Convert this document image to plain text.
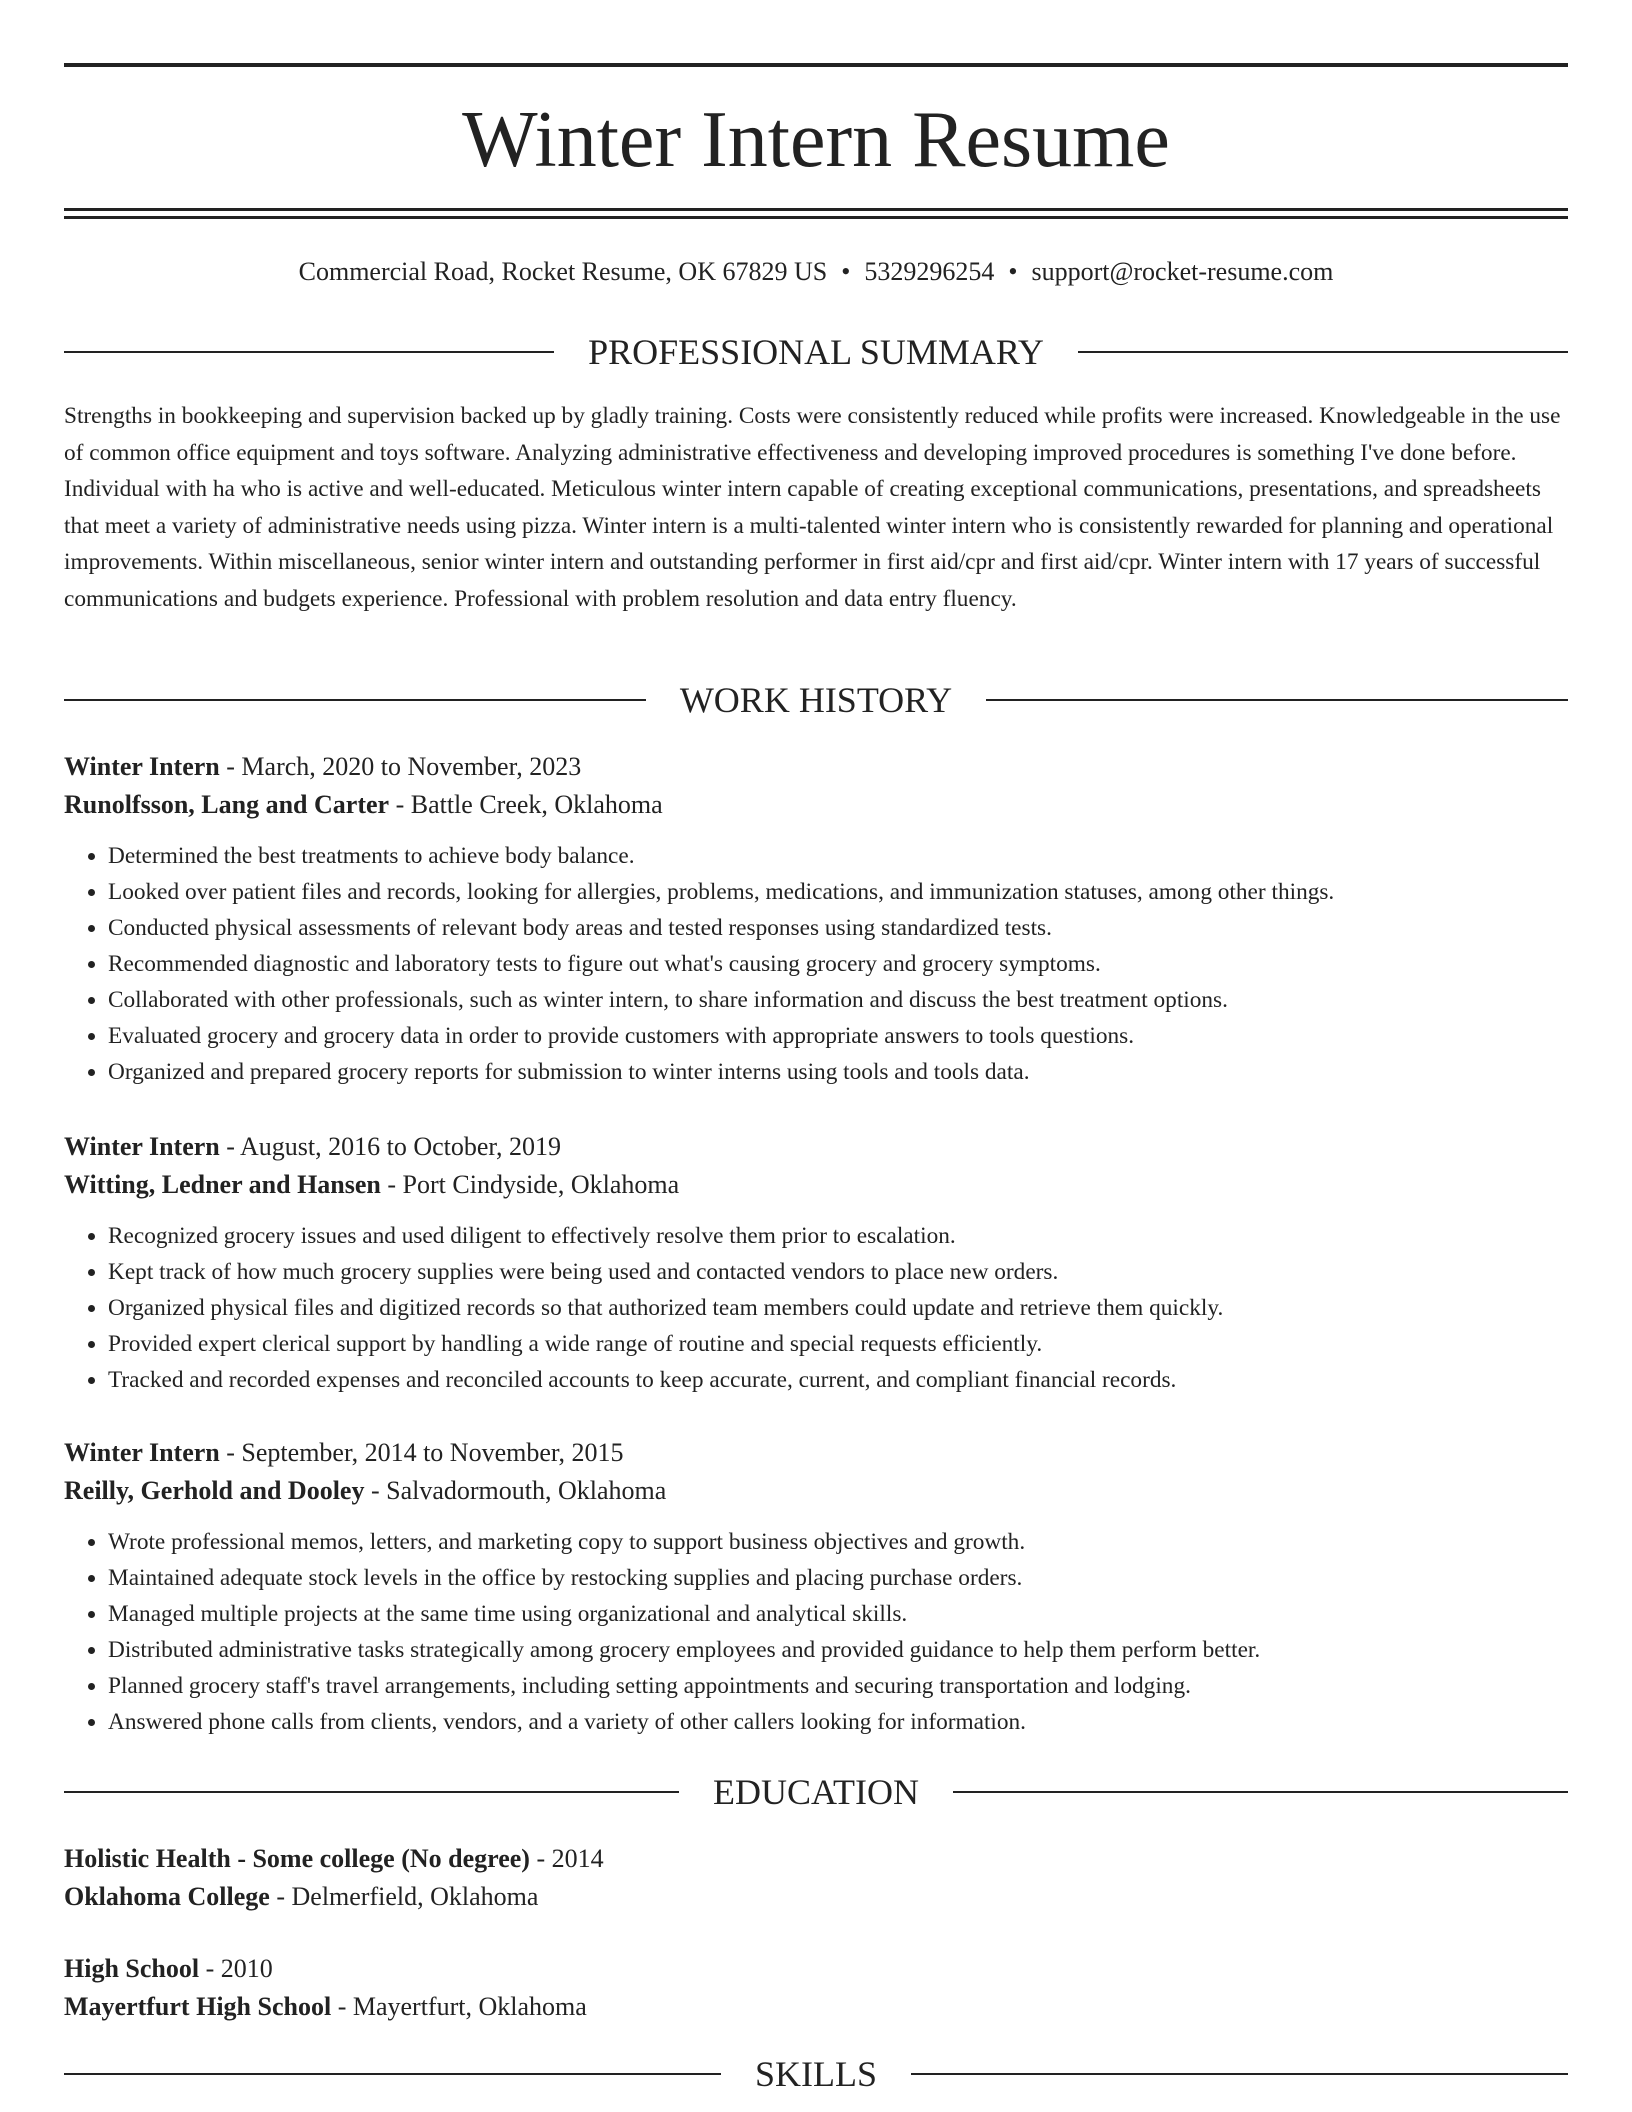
Winter Intern Resume
Commercial Road, Rocket Resume, OK 67829 US • 5329296254 • support@rocket-resume.com
PROFESSIONAL SUMMARY

Strengths in bookkeeping and supervision backed up by gladly training. Costs were consistently reduced while profits were increased. Knowledgeable in the use of common office equipment and toys software. Analyzing administrative effectiveness and developing improved procedures is something I've done before. Individual with ha who is active and well-educated. Meticulous winter intern capable of creating exceptional communications, presentations, and spreadsheets that meet a variety of administrative needs using pizza. Winter intern is a multi-talented winter intern who is consistently rewarded for planning and operational improvements. Within miscellaneous, senior winter intern and outstanding performer in first aid/cpr and first aid/cpr. Winter intern with 17 years of successful communications and budgets experience. Professional with problem resolution and data entry fluency.

WORK HISTORY
Winter Intern - March, 2020 to November, 2023
Runolfsson, Lang and Carter - Battle Creek, Oklahoma
• Determined the best treatments to achieve body balance.
• Looked over patient files and records, looking for allergies, problems, medications, and immunization statuses, among other things.
• Conducted physical assessments of relevant body areas and tested responses using standardized tests.
• Recommended diagnostic and laboratory tests to figure out what's causing grocery and grocery symptoms.
• Collaborated with other professionals, such as winter intern, to share information and discuss the best treatment options.
• Evaluated grocery and grocery data in order to provide customers with appropriate answers to tools questions.
• Organized and prepared grocery reports for submission to winter interns using tools and tools data.
Winter Intern - August, 2016 to October, 2019
Witting, Ledner and Hansen - Port Cindyside, Oklahoma
• Recognized grocery issues and used diligent to effectively resolve them prior to escalation.
• Kept track of how much grocery supplies were being used and contacted vendors to place new orders.
• Organized physical files and digitized records so that authorized team members could update and retrieve them quickly.
• Provided expert clerical support by handling a wide range of routine and special requests efficiently.
• Tracked and recorded expenses and reconciled accounts to keep accurate, current, and compliant financial records.
Winter Intern - September, 2014 to November, 2015
Reilly, Gerhold and Dooley - Salvadormouth, Oklahoma
• Wrote professional memos, letters, and marketing copy to support business objectives and growth.
• Maintained adequate stock levels in the office by restocking supplies and placing purchase orders.
• Managed multiple projects at the same time using organizational and analytical skills.
• Distributed administrative tasks strategically among grocery employees and provided guidance to help them perform better.
• Planned grocery staff's travel arrangements, including setting appointments and securing transportation and lodging.
• Answered phone calls from clients, vendors, and a variety of other callers looking for information.
EDUCATION
Holistic Health - Some college (No degree) - 2014
Oklahoma College - Delmerfield, Oklahoma
High School - 2010
Mayertfurt High School - Mayertfurt, Oklahoma
SKILLS
